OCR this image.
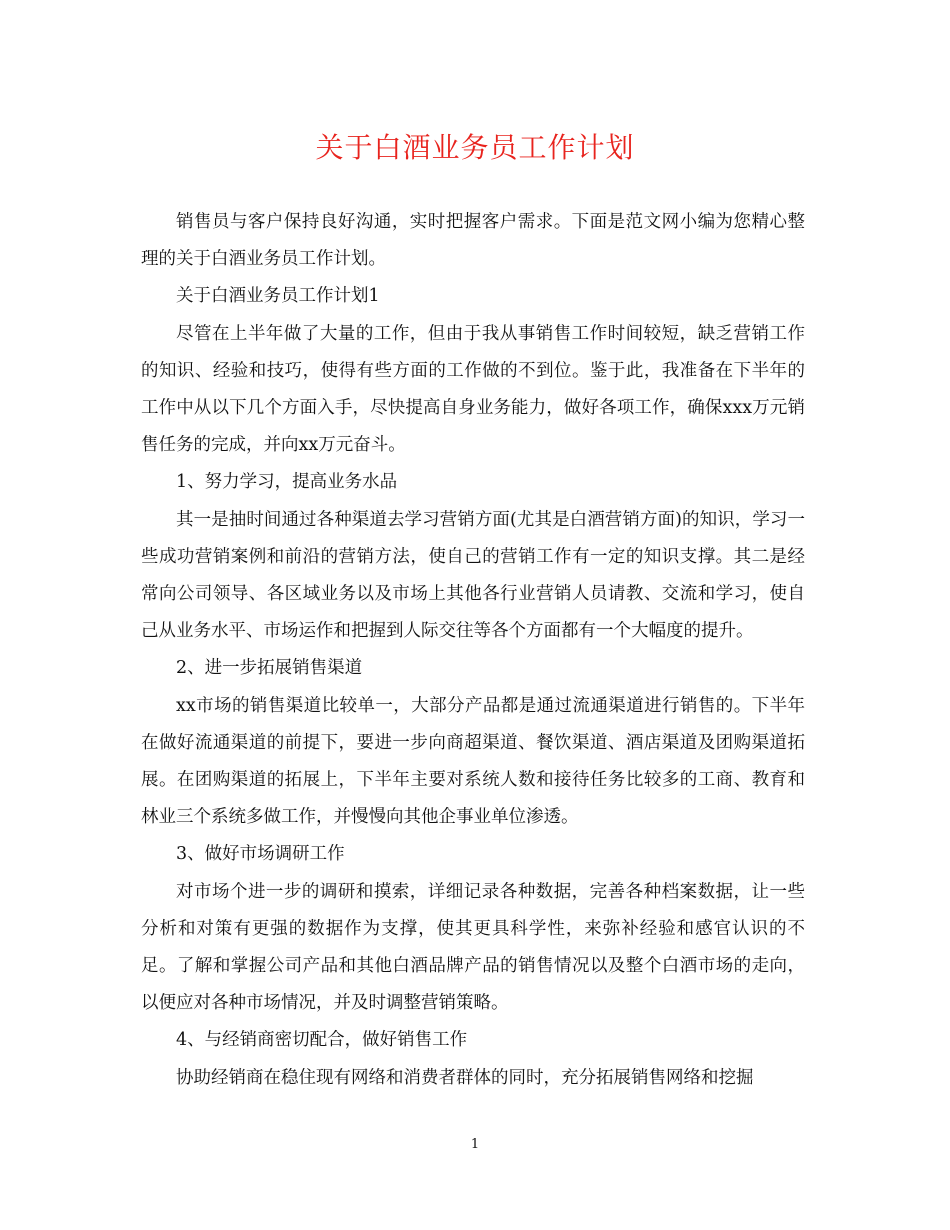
关于白酒业务员工作计划

销售员与客户保持良好沟通，实时把握客户需求。下面是范文网小编为您精心整理的关于白酒业务员工作计划。

关于白酒业务员工作计划1

尽管在上半年做了大量的工作，但由于我从事销售工作时间较短，缺乏营销工作的知识、经验和技巧，使得有些方面的工作做的不到位。鉴于此，我准备在下半年的工作中从以下几个方面入手，尽快提高自身业务能力，做好各项工作，确保xxx万元销售任务的完成，并向xx万元奋斗。

1、努力学习，提高业务水品

其一是抽时间通过各种渠道去学习营销方面(尤其是白酒营销方面)的知识，学习一些成功营销案例和前沿的营销方法，使自己的营销工作有一定的知识支撑。其二是经常向公司领导、各区域业务以及市场上其他各行业营销人员请教、交流和学习，使自己从业务水平、市场运作和把握到人际交往等各个方面都有一个大幅度的提升。

2、进一步拓展销售渠道

xx市场的销售渠道比较单一，大部分产品都是通过流通渠道进行销售的。下半年在做好流通渠道的前提下，要进一步向商超渠道、餐饮渠道、酒店渠道及团购渠道拓展。在团购渠道的拓展上，下半年主要对系统人数和接待任务比较多的工商、教育和林业三个系统多做工作，并慢慢向其他企事业单位渗透。

3、做好市场调研工作

对市场个进一步的调研和摸索，详细记录各种数据，完善各种档案数据，让一些分析和对策有更强的数据作为支撑，使其更具科学性，来弥补经验和感官认识的不足。了解和掌握公司产品和其他白酒品牌产品的销售情况以及整个白酒市场的走向，以便应对各种市场情况，并及时调整营销策略。

4、与经销商密切配合，做好销售工作

协助经销商在稳住现有网络和消费者群体的同时，充分拓展销售网络和挖掘

1
